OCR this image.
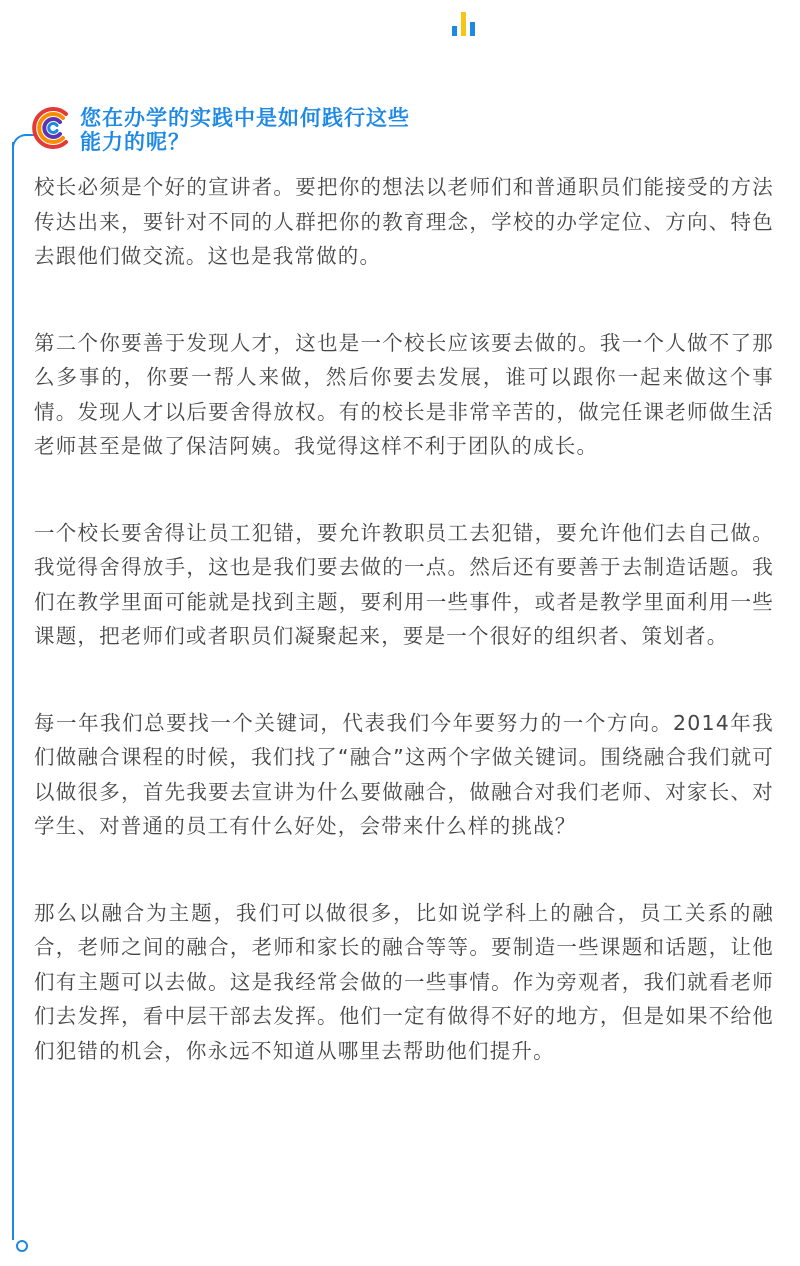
您在办学的实践中是如何践行这些
能力的呢？

校长必须是个好的宣讲者。要把你的想法以老师们和普通职员们能接受的方法传达出来，要针对不同的人群把你的教育理念，学校的办学定位、方向、特色去跟他们做交流。这也是我常做的。

第二个你要善于发现人才，这也是一个校长应该要去做的。我一个人做不了那么多事的，你要一帮人来做，然后你要去发展，谁可以跟你一起来做这个事情。发现人才以后要舍得放权。有的校长是非常辛苦的，做完任课老师做生活老师甚至是做了保洁阿姨。我觉得这样不利于团队的成长。

一个校长要舍得让员工犯错，要允许教职员工去犯错，要允许他们去自己做。我觉得舍得放手，这也是我们要去做的一点。然后还有要善于去制造话题。我们在教学里面可能就是找到主题，要利用一些事件，或者是教学里面利用一些课题，把老师们或者职员们凝聚起来，要是一个很好的组织者、策划者。

每一年我们总要找一个关键词，代表我们今年要努力的一个方向。2014年我们做融合课程的时候，我们找了“融合”这两个字做关键词。围绕融合我们就可以做很多，首先我要去宣讲为什么要做融合，做融合对我们老师、对家长、对学生、对普通的员工有什么好处，会带来什么样的挑战？

那么以融合为主题，我们可以做很多，比如说学科上的融合，员工关系的融合，老师之间的融合，老师和家长的融合等等。要制造一些课题和话题，让他们有主题可以去做。这是我经常会做的一些事情。作为旁观者，我们就看老师们去发挥，看中层干部去发挥。他们一定有做得不好的地方，但是如果不给他们犯错的机会，你永远不知道从哪里去帮助他们提升。
